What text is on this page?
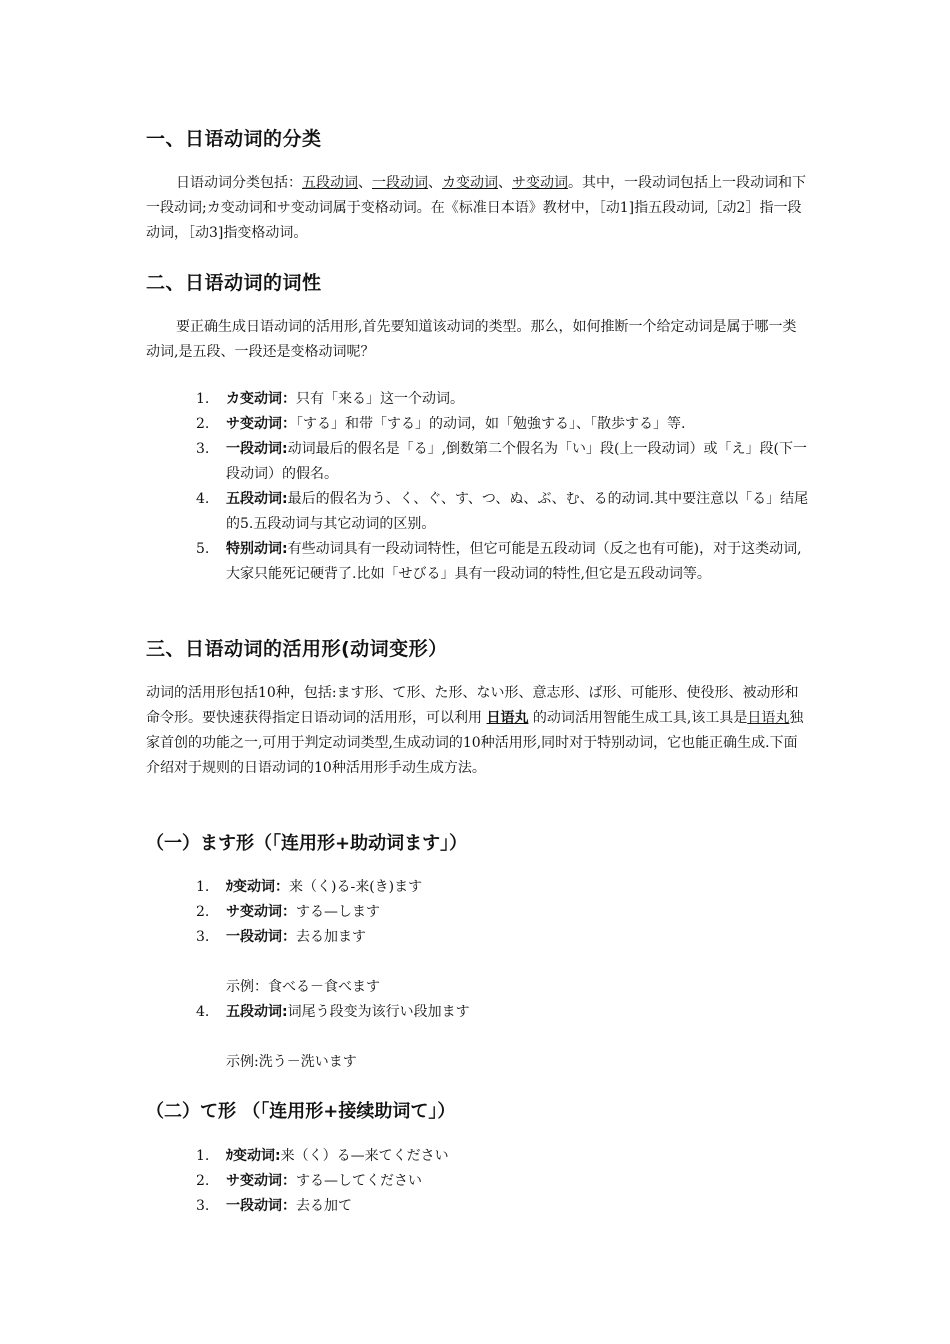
一、日语动词的分类

日语动词分类包括：五段动词、一段动词、カ变动词、サ变动词。其中，一段动词包括上一段动词和下一段动词;カ变动词和サ变动词属于变格动词。在《标准日本语》教材中，［动1]指五段动词,［动2］指一段动词，［动3]指变格动词。

二、日语动词的词性

要正确生成日语动词的活用形,首先要知道该动词的类型。那么，如何推断一个给定动词是属于哪一类动词,是五段、一段还是变格动词呢？

1.	カ变动词：只有「来る」这一个动词。
2.	サ变动词：「する」和带「する」的动词，如「勉強する」、「散歩する」等.
3.	一段动词:动词最后的假名是「る」,倒数第二个假名为「い」段(上一段动词）或「え」段(下一段动词）的假名。
4.	五段动词:最后的假名为う、く、ぐ、す、つ、ぬ、ぶ、む、る的动词.其中要注意以「る」结尾的5.五段动词与其它动词的区别。
5.	特别动词:有些动词具有一段动词特性，但它可能是五段动词（反之也有可能)，对于这类动词,大家只能死记硬背了.比如「せびる」具有一段动词的特性,但它是五段动词等。
三、日语动词的活用形(动词变形）

动词的活用形包括10种，包括:ます形、て形、た形、ない形、意志形、ば形、可能形、使役形、被动形和命令形。要快速获得指定日语动词的活用形，可以利用 日语丸 的动词活用智能生成工具,该工具是日语丸独家首创的功能之一,可用于判定动词类型,生成动词的10种活用形,同时对于特别动词，它也能正确生成.下面介绍对于规则的日语动词的10种活用形手动生成方法。

（一）ます形（「连用形+助动词ます」）
1.	ｶ变动词：来（く)る-来(き)ます
2.	サ变动词：する—します
3.	一段动词：去る加ます
示例：食べる－食べます
4.	五段动词:词尾う段变为该行い段加ます
示例:洗う－洗います
（二）て形 （「连用形+接续助词て」）
1.	ｶ变动词:来（く）る—来てください
2.	サ变动词：する—してください
3.	一段动词：去る加て
